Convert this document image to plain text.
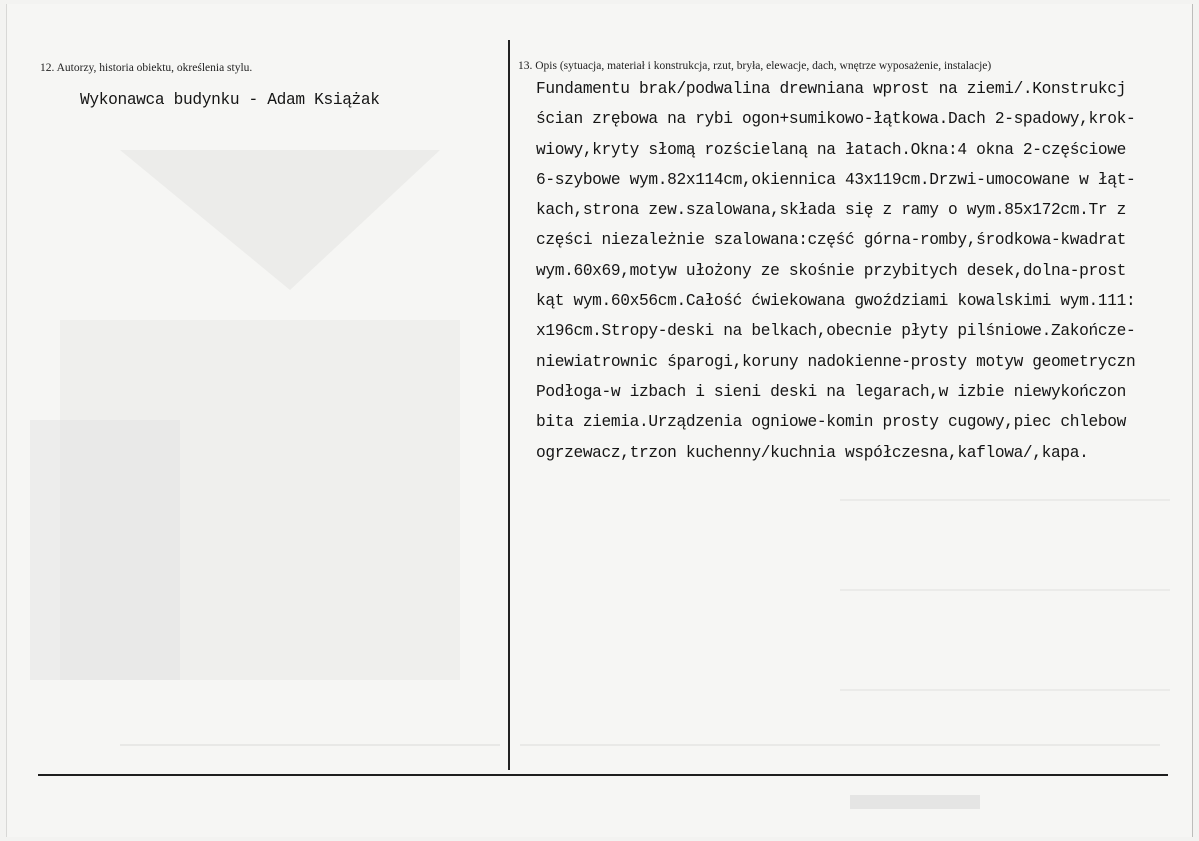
12. Autorzy, historia obiektu, określenia stylu.
Wykonawca budynku - Adam Książak
13. Opis (sytuacja, materiał i konstrukcja, rzut, bryła, elewacje, dach, wnętrze wyposażenie, instalacje)
Fundamentu brak/podwalina drewniana wprost na ziemi/.Konstrukcj
ścian zrębowa na rybi ogon+sumikowo-łątkowa.Dach 2-spadowy,krok-
wiowy,kryty słomą rozścielaną na łatach.Okna:4 okna 2-częściowe
6-szybowe wym.82x114cm,okiennica 43x119cm.Drzwi-umocowane w łąt-
kach,strona zew.szalowana,składa się z ramy o wym.85x172cm.Tr z
części niezależnie szalowana:część górna-romby,środkowa-kwadrat
wym.60x69,motyw ułożony ze skośnie przybitych desek,dolna-prost
kąt wym.60x56cm.Całość ćwiekowana gwoździami kowalskimi wym.111:
x196cm.Stropy-deski na belkach,obecnie płyty pilśniowe.Zakończe-
niewiatrownic śparogi,koruny nadokienne-prosty motyw geometryczn
Podłoga-w izbach i sieni deski na legarach,w izbie niewykończon
bita ziemia.Urządzenia ogniowe-komin prosty cugowy,piec chlebow
ogrzewacz,trzon kuchenny/kuchnia współczesna,kaflowa/,kapa.
